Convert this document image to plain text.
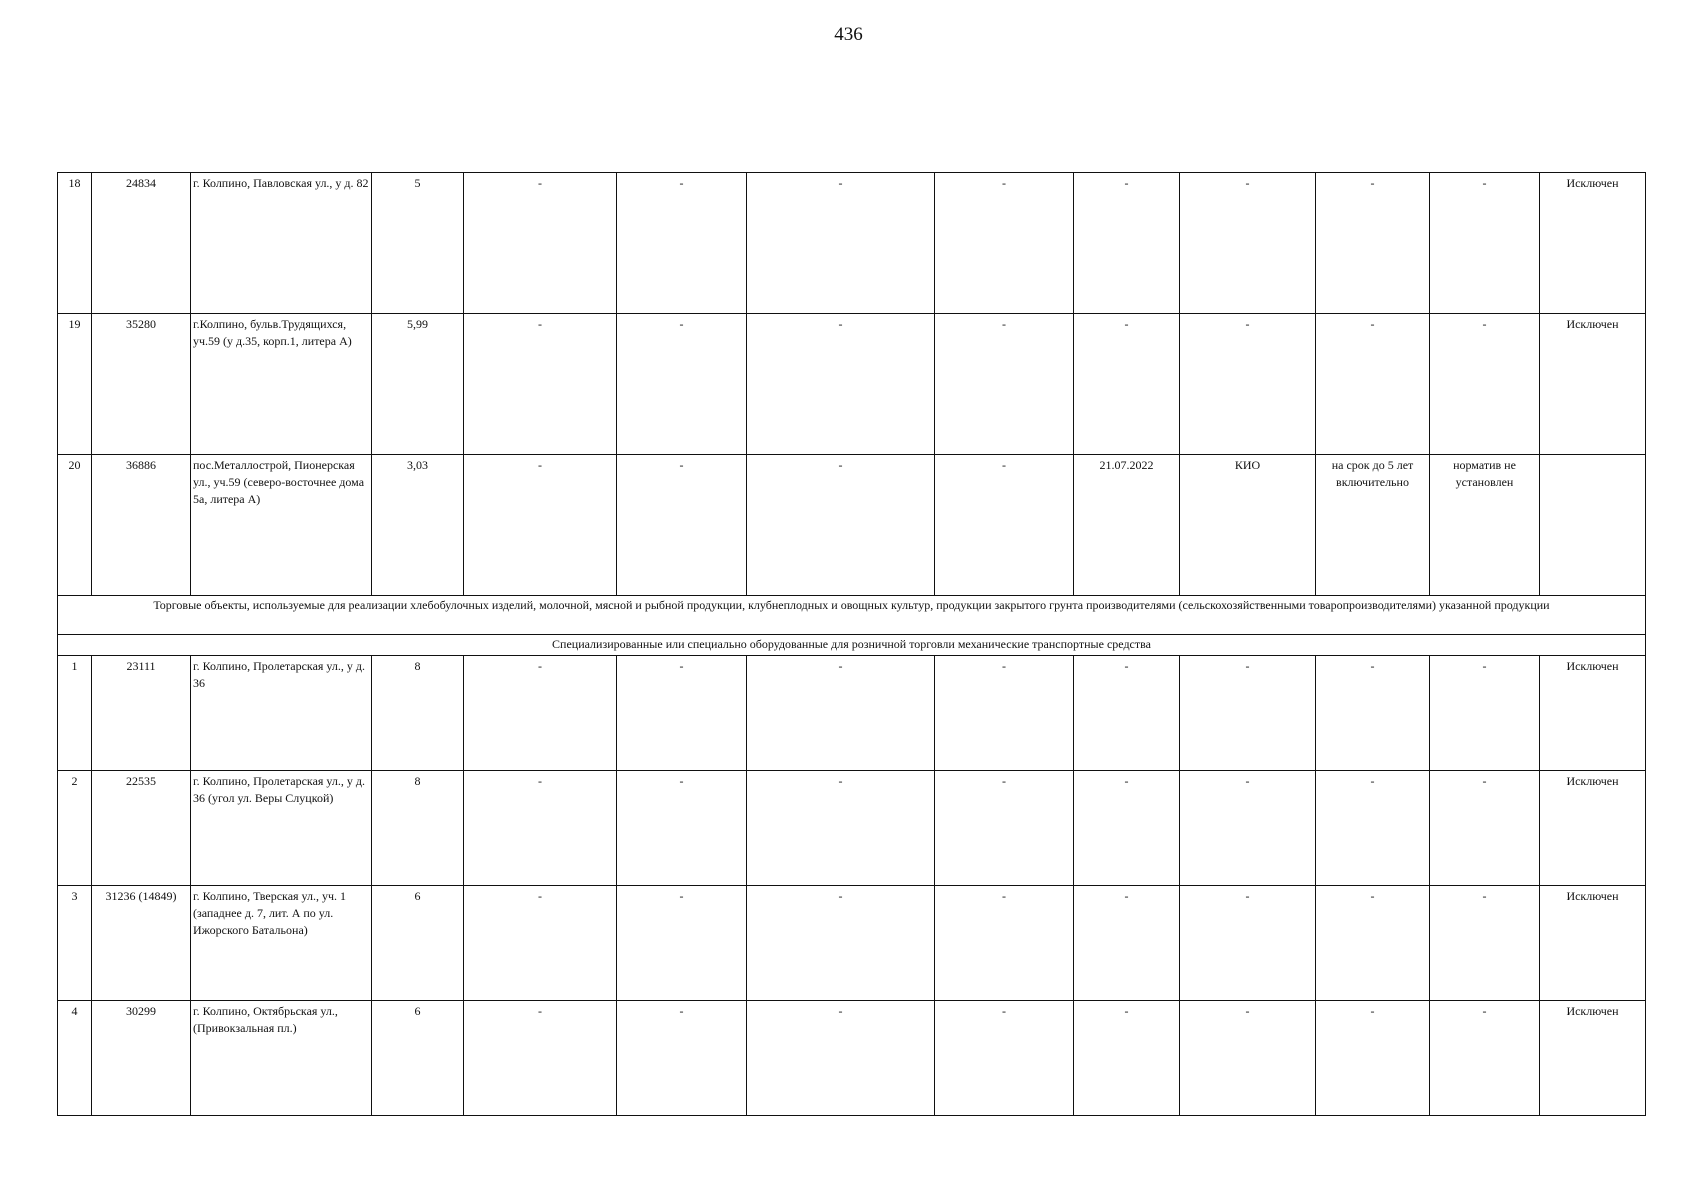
436
18	24834	г. Колпино, Павловская ул., у д. 82	5	-	-	-	-	-	-	-	-	Исключен
19	35280	г.Колпино, бульв.Трудящихся, уч.59 (у д.35, корп.1, литера А)	5,99	-	-	-	-	-	-	-	-	Исключен
20	36886	пос.Металлострой, Пионерская ул., уч.59 (северо-восточнее дома 5а, литера А)	3,03	-	-	-	-	21.07.2022	КИО	на срок до 5 лет включительно	норматив не установлен	
Торговые объекты, используемые для реализации хлебобулочных изделий, молочной, мясной и рыбной продукции, клубнеплодных и овощных культур, продукции закрытого грунта производителями (сельскохозяйственными товаропроизводителями) указанной продукции												
Специализированные или специально оборудованные для розничной торговли механические транспортные средства												
1	23111	г. Колпино, Пролетарская ул., у д. 36	8	-	-	-	-	-	-	-	-	Исключен
2	22535	г. Колпино, Пролетарская ул., у д. 36 (угол ул. Веры Слуцкой)	8	-	-	-	-	-	-	-	-	Исключен
3	31236 (14849)	г. Колпино, Тверская ул., уч. 1 (западнее д. 7, лит. А по ул. Ижорского Батальона)	6	-	-	-	-	-	-	-	-	Исключен
4	30299	г. Колпино, Октябрьская ул., (Привокзальная пл.)	6	-	-	-	-	-	-	-	-	Исключен
